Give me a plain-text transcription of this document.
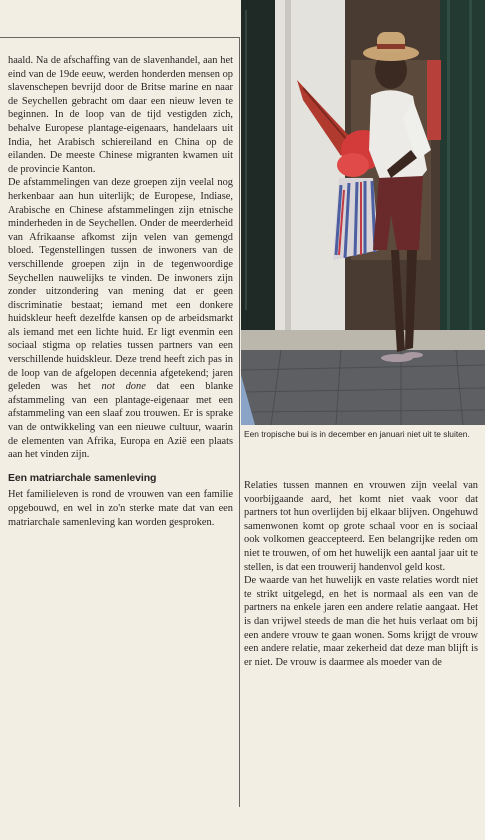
haald. Na de afschaffing van de slavenhandel, aan het eind van de 19de eeuw, werden honderden mensen op slavenschepen bevrijd door de Britse marine en naar de Seychellen gebracht om daar een nieuw leven te beginnen. In de loop van de tijd vestigden zich, behalve Europese plantage-eigenaars, handelaars uit India, het Arabisch schiereiland en China op de eilanden. De meeste Chinese migranten kwamen uit de provincie Kanton.

De afstammelingen van deze groepen zijn veelal nog herkenbaar aan hun uiterlijk; de Europese, Indiase, Arabische en Chinese afstammelingen zijn etnische minderheden in de Seychellen. Onder de meerderheid van Afrikaanse afkomst zijn velen van gemengd bloed. Tegenstellingen tussen de inwoners van de verschillende groepen zijn in de tegenwoordige Seychellen nauwelijks te vinden. De inwoners zijn zonder uitzondering van mening dat er geen discriminatie bestaat; iemand met een donkere huidskleur heeft dezelfde kansen op de arbeidsmarkt als iemand met een lichte huid. Er ligt evenmin een sociaal stigma op relaties tussen partners van een verschillende huidskleur. Deze trend heeft zich pas in de loop van de afgelopen decennia afgetekend; jaren geleden was het not done dat een blanke afstammeling van een plantage-eigenaar met een afstammeling van een slaaf zou trouwen. Er is sprake van de ontwikkeling van een nieuwe cultuur, waarin de elementen van Afrika, Europa en Azië een plaats aan het vinden zijn.

Een matriarchale samenleving

Het familieleven is rond de vrouwen van een familie opgebouwd, en wel in zo'n sterke mate dat van een matriarchale samenleving kan worden gesproken.

Een tropische bui is in december en januari niet uit te sluiten.

Relaties tussen mannen en vrouwen zijn veelal van voorbijgaande aard, het komt niet vaak voor dat partners tot hun overlijden bij elkaar blijven. Ongehuwd samenwonen komt op grote schaal voor en is sociaal ook volkomen geaccepteerd. Een belangrijke reden om niet te trouwen, of om het huwelijk een aantal jaar uit te stellen, is dat een trouwerij handenvol geld kost.

De waarde van het huwelijk en vaste relaties wordt niet te strikt uitgelegd, en het is normaal als een van de partners na enkele jaren een andere relatie aangaat. Het is dan vrijwel steeds de man die het huis verlaat om bij een andere vrouw te gaan wonen. Soms krijgt de vrouw een andere relatie, maar zekerheid dat deze man blijft is er niet. De vrouw is daarmee als moeder van de
